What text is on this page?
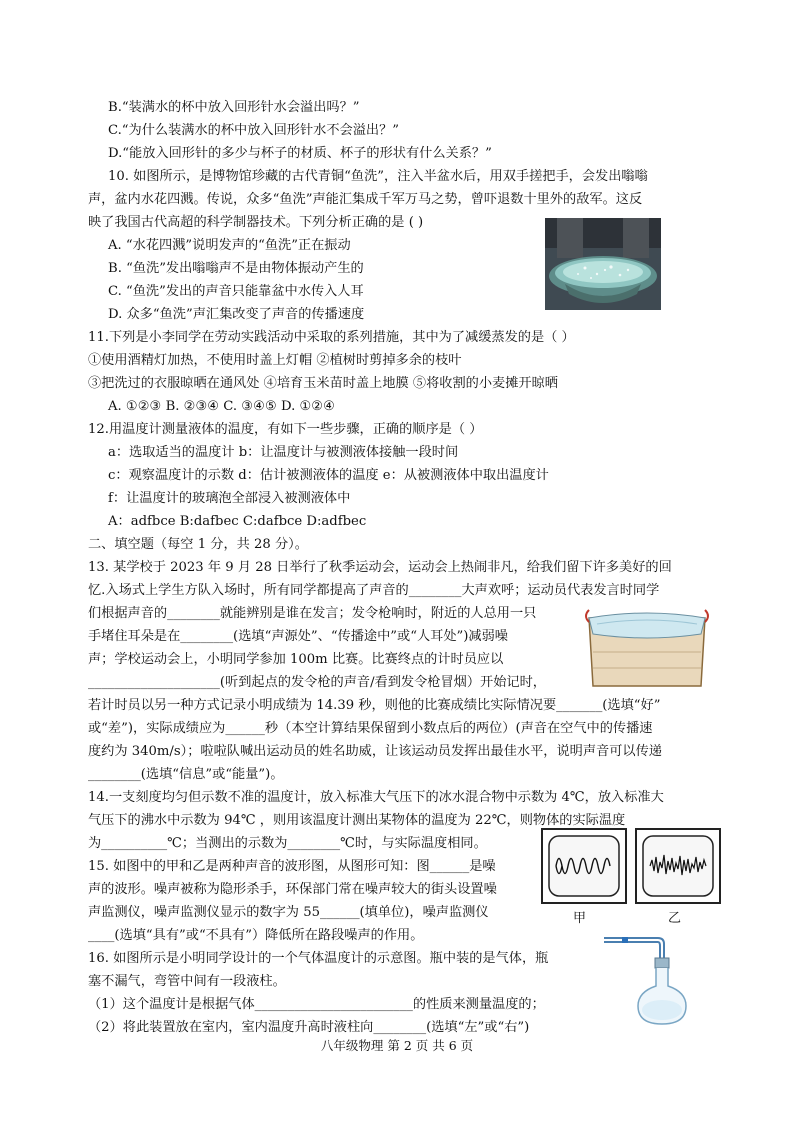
B.“装满水的杯中放入回形针水会溢出吗？”
C.“为什么装满水的杯中放入回形针水不会溢出？”
D.“能放入回形针的多少与杯子的材质、杯子的形状有什么关系？”
10. 如图所示，是博物馆珍藏的古代青铜“鱼洗”，注入半盆水后，用双手搓把手，会发出嗡嗡
声，盆内水花四溅。传说，众多“鱼洗”声能汇集成千军万马之势，曾吓退数十里外的敌军。这反
映了我国古代高超的科学制器技术。下列分析正确的是 ( )
A. “水花四溅”说明发声的“鱼洗”正在振动
B. “鱼洗”发出嗡嗡声不是由物体振动产生的
C. “鱼洗”发出的声音只能靠盆中水传入人耳
D. 众多“鱼洗”声汇集改变了声音的传播速度
11.下列是小李同学在劳动实践活动中采取的系列措施，其中为了减缓蒸发的是（ ）
①使用酒精灯加热，不使用时盖上灯帽 ②植树时剪掉多余的枝叶
③把洗过的衣服晾晒在通风处 ④培育玉米苗时盖上地膜 ⑤将收割的小麦摊开晾晒
A. ①②③ B. ②③④ C. ③④⑤ D. ①②④
12.用温度计测量液体的温度，有如下一些步骤，正确的顺序是（ ）
a：选取适当的温度计 b：让温度计与被测液体接触一段时间
c：观察温度计的示数 d：估计被测液体的温度 e：从被测液体中取出温度计
f：让温度计的玻璃泡全部浸入被测液体中
A：adfbce B:dafbec C:dafbce D:adfbec
二、填空题（每空 1 分，共 28 分）。
13. 某学校于 2023 年 9 月 28 日举行了秋季运动会，运动会上热闹非凡，给我们留下许多美好的回
忆.入场式上学生方队入场时，所有同学都提高了声音的________大声欢呼；运动员代表发言时同学
们根据声音的________就能辨别是谁在发言；发令枪响时，附近的人总用一只
手堵住耳朵是在________(选填“声源处”、“传播途中”或“人耳处”)减弱噪
声；学校运动会上，小明同学参加 100m 比赛。比赛终点的计时员应以
____________________(听到起点的发令枪的声音/看到发令枪冒烟）开始记时，
若计时员以另一种方式记录小明成绩为 14.39 秒，则他的比赛成绩比实际情况要_______(选填“好”
或“差”)，实际成绩应为______秒（本空计算结果保留到小数点后的两位）(声音在空气中的传播速
度约为 340m/s）；啦啦队喊出运动员的姓名助威，让该运动员发挥出最佳水平，说明声音可以传递
________(选填“信息”或“能量”)。
14.一支刻度均匀但示数不准的温度计，放入标准大气压下的冰水混合物中示数为 4℃，放入标准大
气压下的沸水中示数为 94℃ ，则用该温度计测出某物体的温度为 22℃，则物体的实际温度
为__________℃；当测出的示数为________℃时，与实际温度相同。
15. 如图中的甲和乙是两种声音的波形图，从图形可知：图______是噪
声的波形。噪声被称为隐形杀手，环保部门常在噪声较大的街头设置噪
声监测仪，噪声监测仪显示的数字为 55______(填单位)，噪声监测仪
____(选填“具有”或“不具有”）降低所在路段噪声的作用。
16. 如图所示是小明同学设计的一个气体温度计的示意图。瓶中装的是气体，瓶
塞不漏气，弯管中间有一段液柱。
（1）这个温度计是根据气体________________________的性质来测量温度的；
（2）将此装置放在室内，室内温度升高时液柱向________(选填“左”或“右”)
甲	乙
八年级物理 第 2 页 共 6 页
